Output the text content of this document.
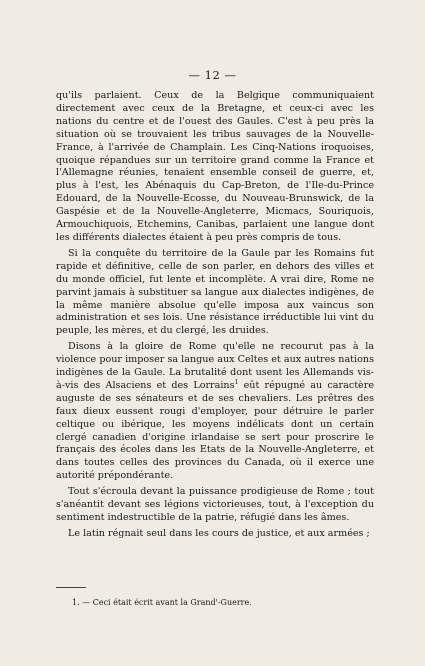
— 12 —

qu'ils parlaient. Ceux de la Belgique communiquaient directement avec ceux de la Bretagne, et ceux-ci avec les nations du centre et de l'ouest des Gaules. C'est à peu près la situation où se trouvaient les tribus sauvages de la Nouvelle-France, à l'arrivée de Champlain. Les Cinq-Nations iroquoises, quoique répandues sur un territoire grand comme la France et l'Allemagne réunies, tenaient ensemble conseil de guerre, et, plus à l'est, les Abénaquis du Cap-Breton, de l'Ile-du-Prince Edouard, de la Nouvelle-Ecosse, du Nouveau-Brunswick, de la Gaspésie et de la Nouvelle-Angleterre, Micmacs, Souriquois, Armouchiquois, Etchemins, Canibas, parlaient une langue dont les différents dialectes étaient à peu près compris de tous.

Si la conquête du territoire de la Gaule par les Romains fut rapide et définitive, celle de son parler, en dehors des villes et du monde officiel, fut lente et incomplète. A vrai dire, Rome ne parvint jamais à substituer sa langue aux dialectes indigènes, de la même manière absolue qu'elle imposa aux vaincus son administration et ses lois. Une résistance irréductible lui vint du peuple, les mères, et du clergé, les druides.

Disons à la gloire de Rome qu'elle ne recourut pas à la violence pour imposer sa langue aux Celtes et aux autres nations indigènes de la Gaule. La brutalité dont usent les Allemands vis-à-vis des Alsaciens et des Lorrains$^1$ eût répugné au caractère auguste de ses sénateurs et de ses chevaliers. Les prêtres des faux dieux eussent rougi d'employer, pour détruire le parler celtique ou ibérique, les moyens indélicats dont un certain clergé canadien d'origine irlandaise se sert pour proscrire le français des écoles dans les Etats de la Nouvelle-Angleterre, et dans toutes celles des provinces du Canada, où il exerce une autorité prépondérante.

Tout s'écroula devant la puissance prodigieuse de Rome ; tout s'anéantit devant ses légions victorieuses, tout, à l'exception du sentiment indestructible de la patrie, réfugié dans les âmes.

Le latin régnait seul dans les cours de justice, et aux armées ;

1. — Ceci était écrit avant la Grand'-Guerre.
